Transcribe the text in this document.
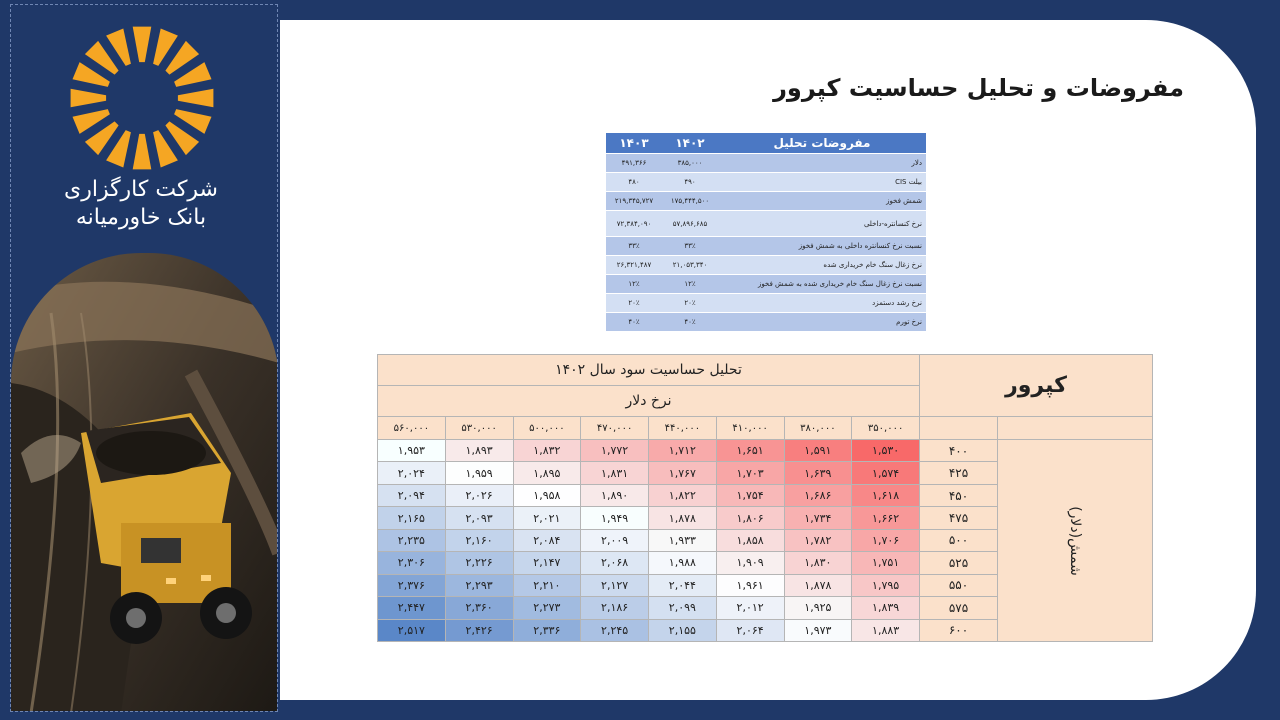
شرکت کارگزاری
بانک خاورمیانه
مفروضات و تحلیل حساسیت کپرور
مفروضات تحلیل	۱۴۰۲	۱۴۰۳
دلار	۳۸۵,۰۰۰	۴۹۱,۳۶۶
بیلت CIS	۴۹۰	۴۸۰
شمش فخوز	۱۷۵,۴۴۴,۵۰۰	۲۱۹,۳۴۵,۷۲۷
نرخ کنسانتره-داخلی	۵۷,۸۹۶,۶۸۵	۷۲,۳۸۴,۰۹۰
نسبت نرخ کنسانتره داخلی به شمش فخوز	۳۳٪	۳۳٪
نرخ زغال سنگ خام خریداری شده	۲۱,۰۵۳,۳۴۰	۲۶,۳۲۱,۴۸۷
نسبت نرخ زغال سنگ خام خریداری شده به شمش فخوز	۱۲٪	۱۲٪
نرخ رشد دستمزد	۲۰٪	۲۰٪
نرخ تورم	۴۰٪	۴۰٪
کپرور		تحلیل حساسیت سود سال ۱۴۰۲							
		نرخ دلار							
		۳۵۰,۰۰۰	۳۸۰,۰۰۰	۴۱۰,۰۰۰	۴۴۰,۰۰۰	۴۷۰,۰۰۰	۵۰۰,۰۰۰	۵۳۰,۰۰۰	۵۶۰,۰۰۰
شمش(دلار)	۴۰۰	۱,۵۳۰	۱,۵۹۱	۱,۶۵۱	۱,۷۱۲	۱,۷۷۲	۱,۸۳۲	۱,۸۹۳	۱,۹۵۳
	۴۲۵	۱,۵۷۴	۱,۶۳۹	۱,۷۰۳	۱,۷۶۷	۱,۸۳۱	۱,۸۹۵	۱,۹۵۹	۲,۰۲۴
	۴۵۰	۱,۶۱۸	۱,۶۸۶	۱,۷۵۴	۱,۸۲۲	۱,۸۹۰	۱,۹۵۸	۲,۰۲۶	۲,۰۹۴
	۴۷۵	۱,۶۶۲	۱,۷۳۴	۱,۸۰۶	۱,۸۷۸	۱,۹۴۹	۲,۰۲۱	۲,۰۹۳	۲,۱۶۵
	۵۰۰	۱,۷۰۶	۱,۷۸۲	۱,۸۵۸	۱,۹۳۳	۲,۰۰۹	۲,۰۸۴	۲,۱۶۰	۲,۲۳۵
	۵۲۵	۱,۷۵۱	۱,۸۳۰	۱,۹۰۹	۱,۹۸۸	۲,۰۶۸	۲,۱۴۷	۲,۲۲۶	۲,۳۰۶
	۵۵۰	۱,۷۹۵	۱,۸۷۸	۱,۹۶۱	۲,۰۴۴	۲,۱۲۷	۲,۲۱۰	۲,۲۹۳	۲,۳۷۶
	۵۷۵	۱,۸۳۹	۱,۹۲۵	۲,۰۱۲	۲,۰۹۹	۲,۱۸۶	۲,۲۷۳	۲,۳۶۰	۲,۴۴۷
	۶۰۰	۱,۸۸۳	۱,۹۷۳	۲,۰۶۴	۲,۱۵۵	۲,۲۴۵	۲,۳۳۶	۲,۴۲۶	۲,۵۱۷
